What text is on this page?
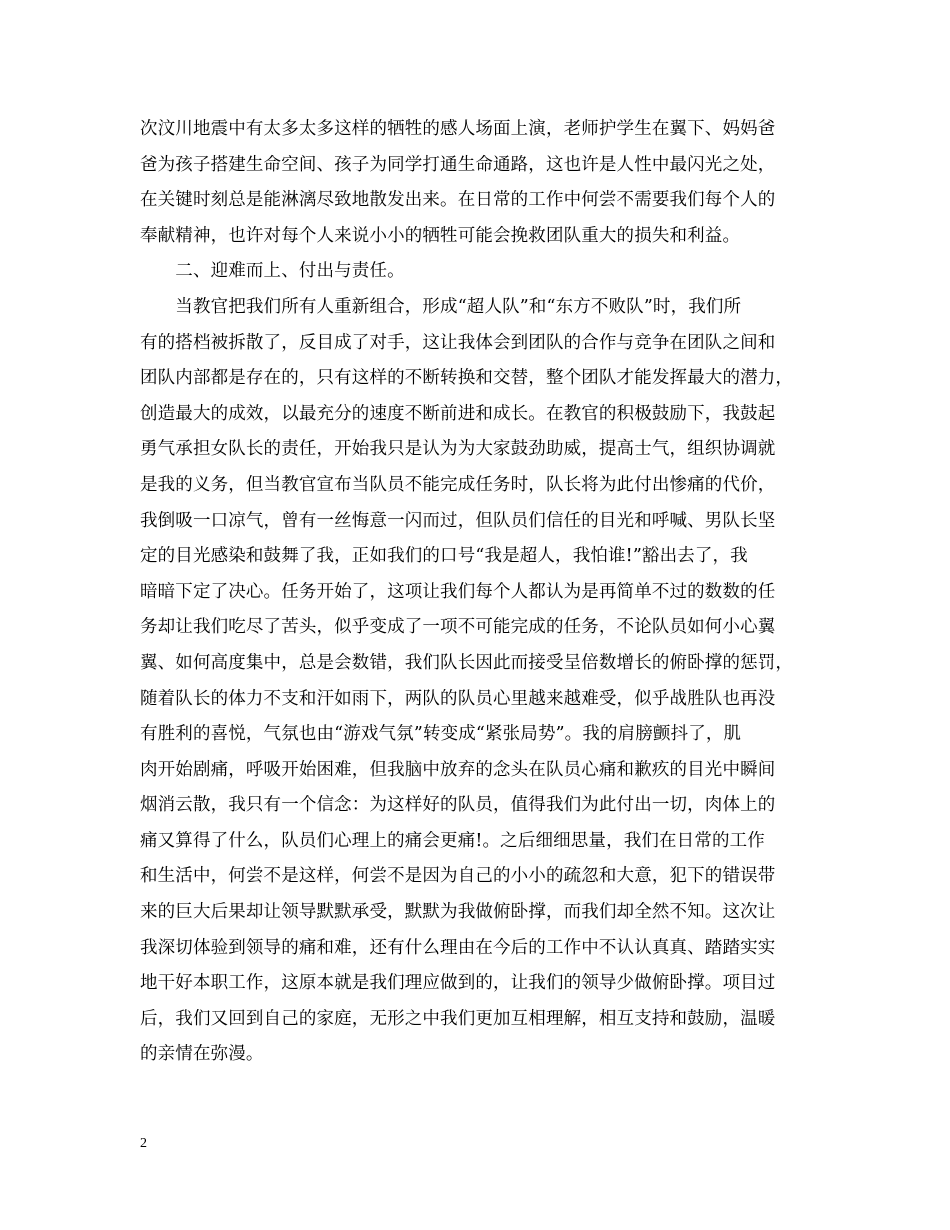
次汶川地震中有太多太多这样的牺牲的感人场面上演，老师护学生在翼下、妈妈爸
爸为孩子搭建生命空间、孩子为同学打通生命通路，这也许是人性中最闪光之处，
在关键时刻总是能淋漓尽致地散发出来。在日常的工作中何尝不需要我们每个人的
奉献精神，也许对每个人来说小小的牺牲可能会挽救团队重大的损失和利益。
　　二、迎难而上、付出与责任。
　　当教官把我们所有人重新组合，形成“超人队”和“东方不败队”时，我们所
有的搭档被拆散了，反目成了对手，这让我体会到团队的合作与竞争在团队之间和
团队内部都是存在的，只有这样的不断转换和交替，整个团队才能发挥最大的潜力，
创造最大的成效，以最充分的速度不断前进和成长。在教官的积极鼓励下，我鼓起
勇气承担女队长的责任，开始我只是认为为大家鼓劲助威，提高士气，组织协调就
是我的义务，但当教官宣布当队员不能完成任务时，队长将为此付出惨痛的代价，
我倒吸一口凉气，曾有一丝悔意一闪而过，但队员们信任的目光和呼喊、男队长坚
定的目光感染和鼓舞了我，正如我们的口号“我是超人，我怕谁!”豁出去了，我
暗暗下定了决心。任务开始了，这项让我们每个人都认为是再简单不过的数数的任
务却让我们吃尽了苦头，似乎变成了一项不可能完成的任务，不论队员如何小心翼
翼、如何高度集中，总是会数错，我们队长因此而接受呈倍数增长的俯卧撑的惩罚，
随着队长的体力不支和汗如雨下，两队的队员心里越来越难受，似乎战胜队也再没
有胜利的喜悦，气氛也由“游戏气氛”转变成“紧张局势”。我的肩膀颤抖了，肌
肉开始剧痛，呼吸开始困难，但我脑中放弃的念头在队员心痛和歉疚的目光中瞬间
烟消云散，我只有一个信念：为这样好的队员，值得我们为此付出一切，肉体上的
痛又算得了什么，队员们心理上的痛会更痛!。之后细细思量，我们在日常的工作
和生活中，何尝不是这样，何尝不是因为自己的小小的疏忽和大意，犯下的错误带
来的巨大后果却让领导默默承受，默默为我做俯卧撑，而我们却全然不知。这次让
我深切体验到领导的痛和难，还有什么理由在今后的工作中不认认真真、踏踏实实
地干好本职工作，这原本就是我们理应做到的，让我们的领导少做俯卧撑。项目过
后，我们又回到自己的家庭，无形之中我们更加互相理解，相互支持和鼓励，温暖
的亲情在弥漫。
2
